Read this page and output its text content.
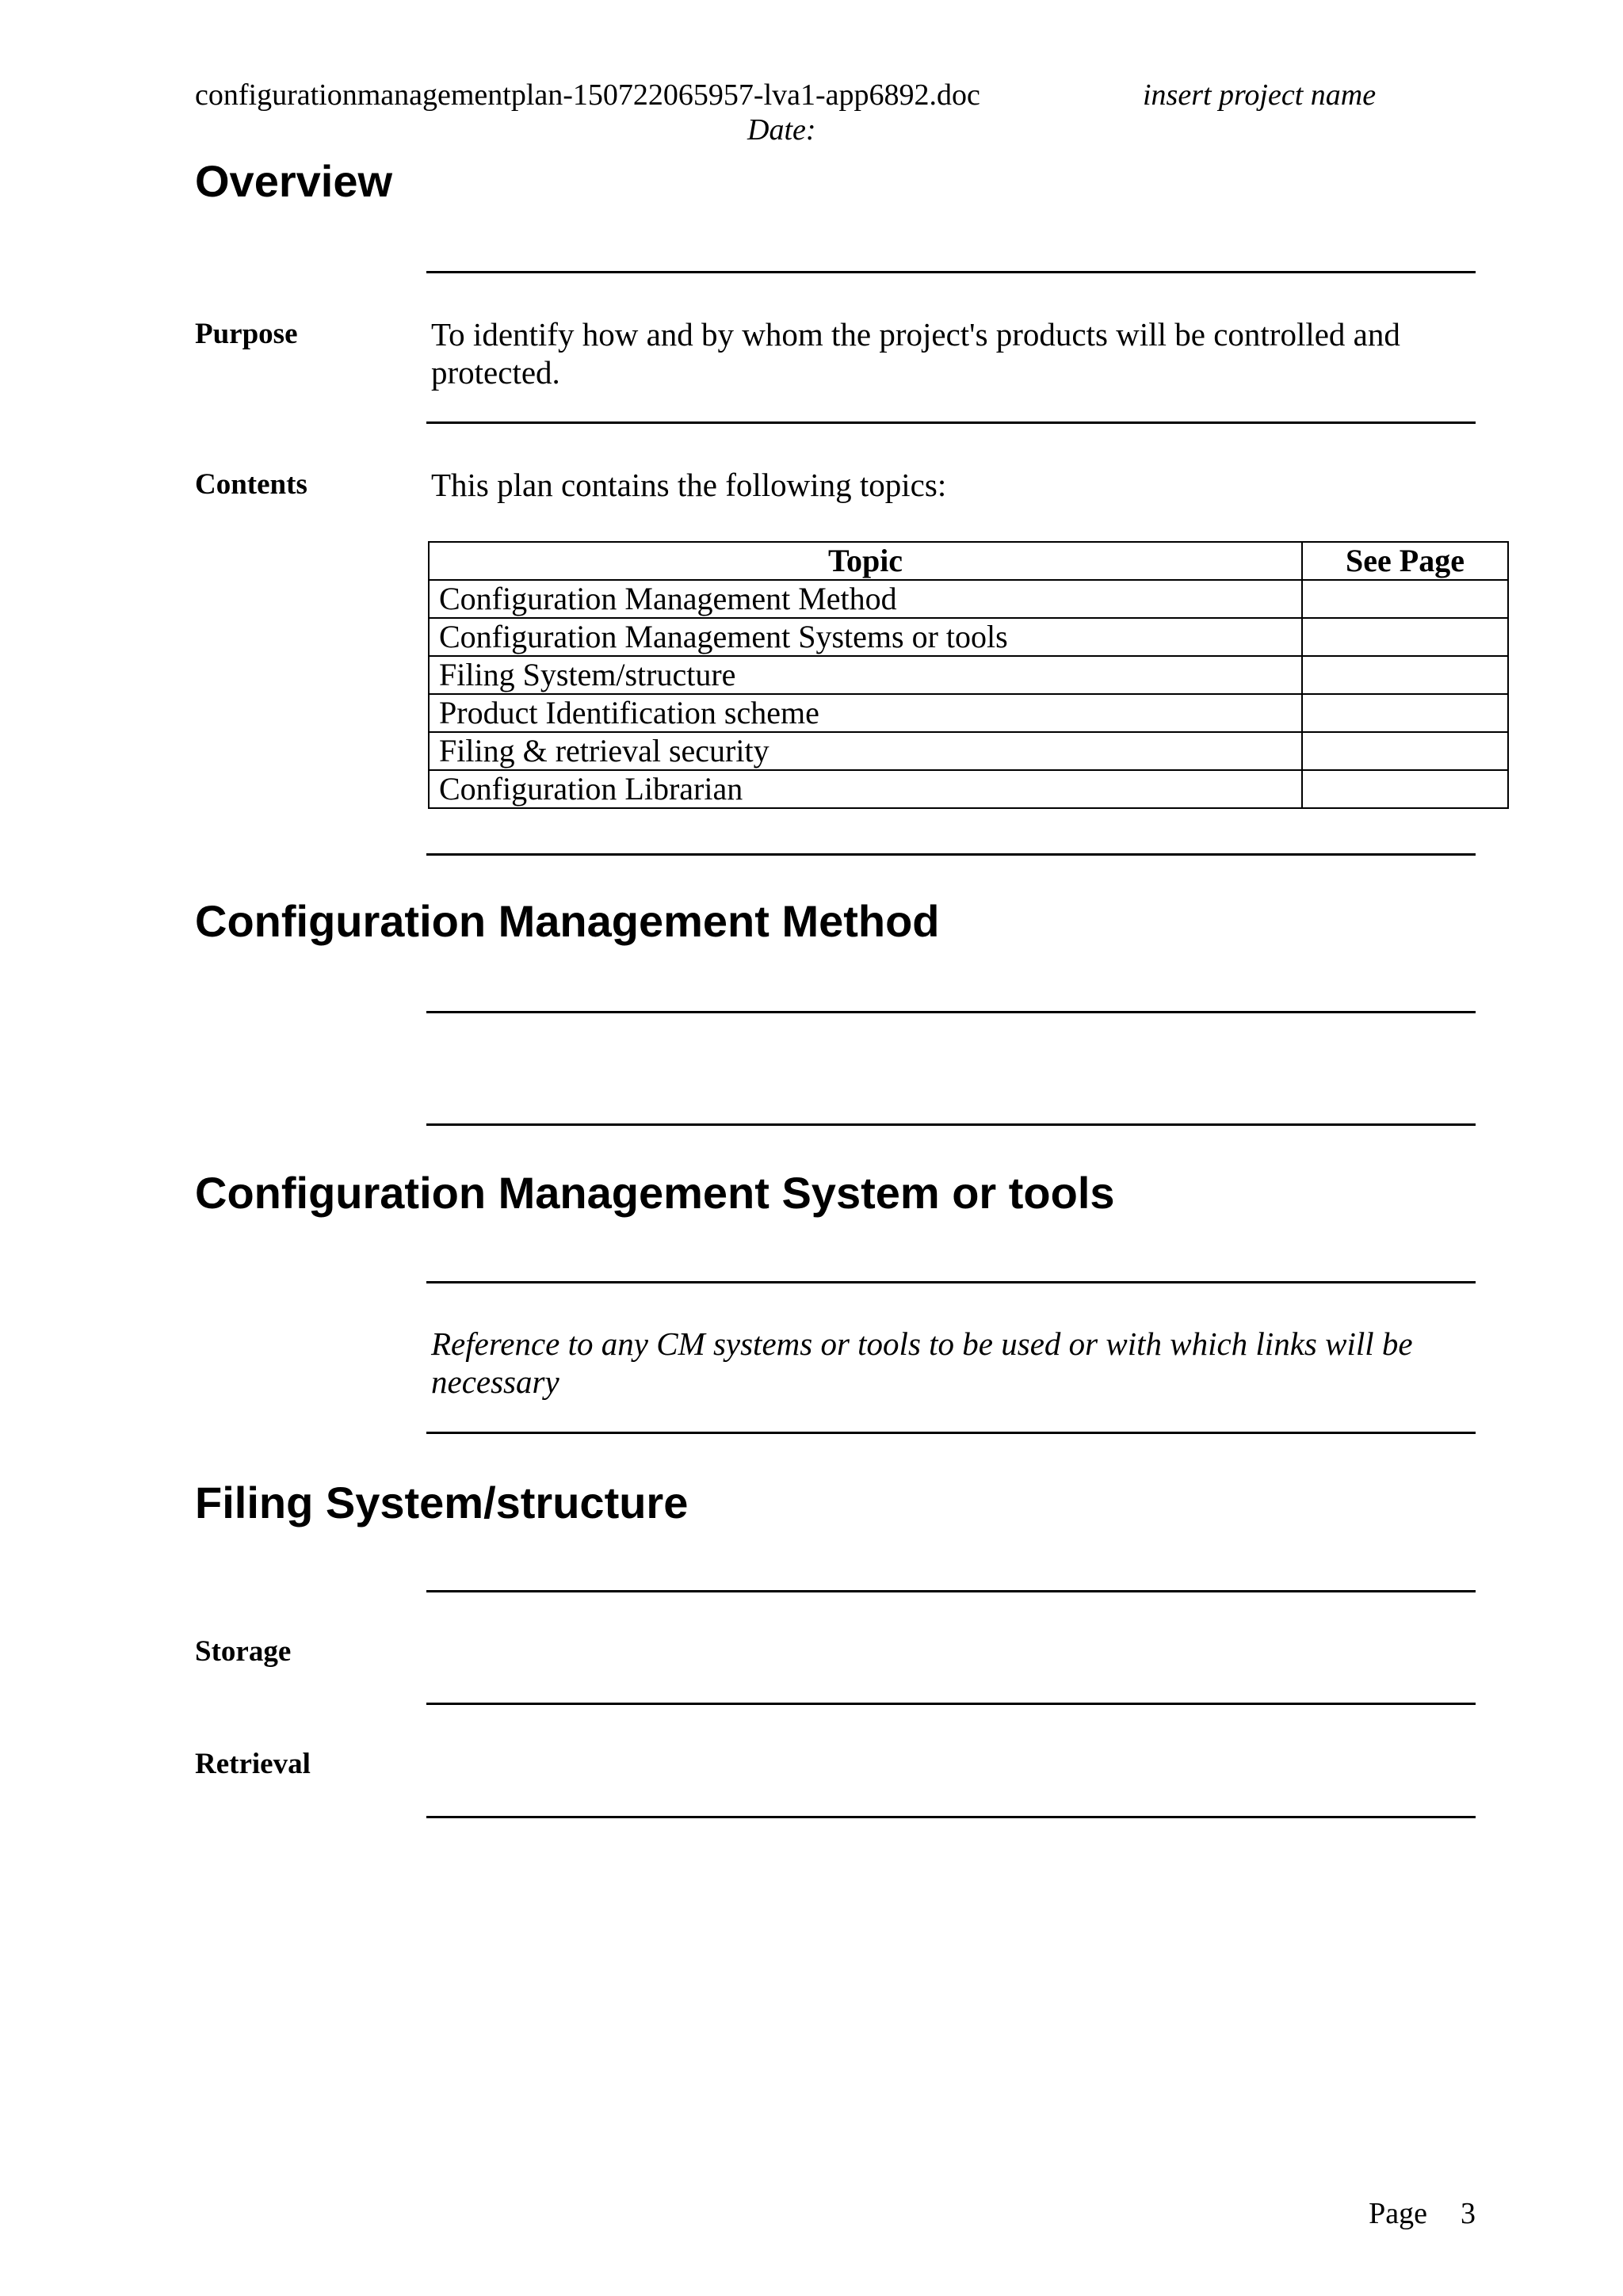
configurationmanagementplan-150722065957-lva1-app6892.doc	insert project name
Date:
Overview
Purpose	To identify how and by whom the project's products will be controlled and protected.
Contents	This plan contains the following topics:
Topic	See Page
Configuration Management Method	
Configuration Management Systems or tools	
Filing System/structure	
Product Identification scheme	
Filing & retrieval security	
Configuration Librarian	
Configuration Management Method
Configuration Management System or tools
Reference to any CM systems or tools to be used or with which links will be necessary
Filing System/structure
Storage
Retrieval
Page 3
